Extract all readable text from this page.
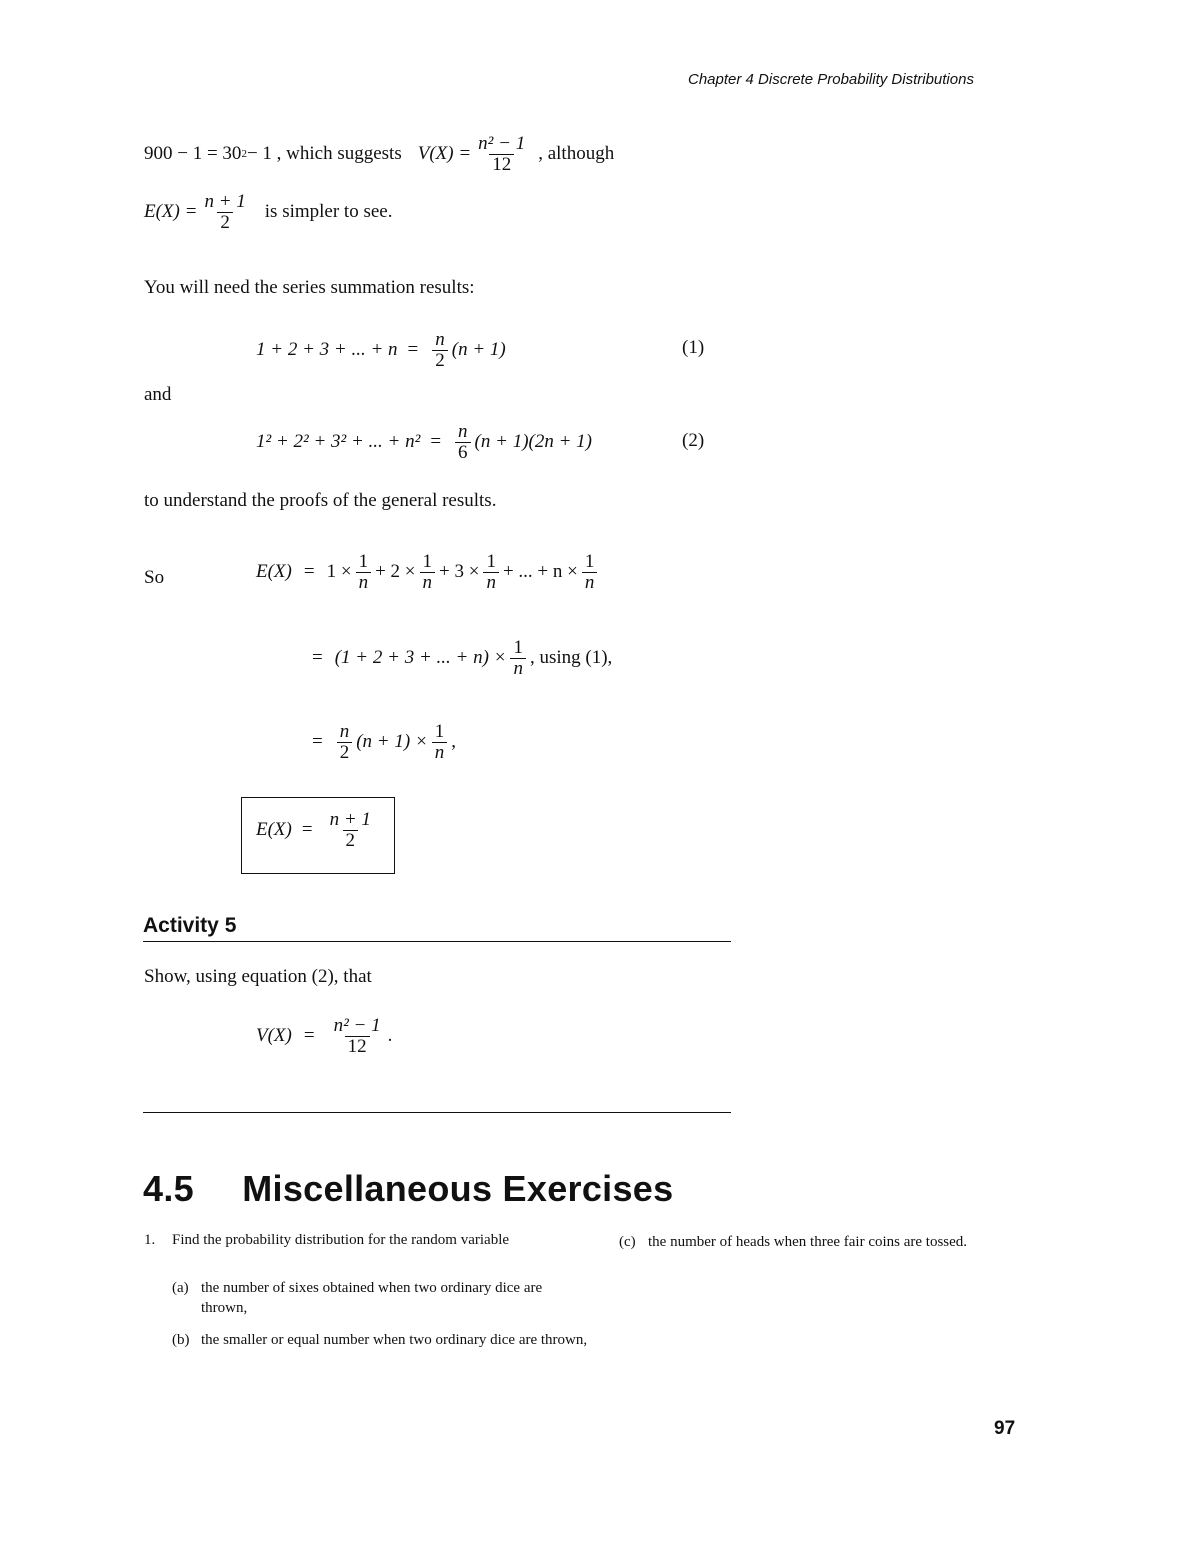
Chapter 4 Discrete Probability Distributions
900 − 1 = 30 2 − 1 , which suggests $V(X) = \frac{\text{n² − 1}}{12}$ , although
$E(X) = \frac{n + 1}{2}$ is simpler to see.
You will need the series summation results:
1 + 2 + 3 + ... + $n = \frac{n}{2} (n + 1)$	(1)
and
1² + 2² + 3² + ... + $n^2 = \frac{n}{6} (n + 1)(2n + 1)$	(2)
to understand the proofs of the general results.
So	$E(X) = 1 \times \frac{1}{n} + 2 \times \frac{1}{n} + 3 \times \frac{1}{n}$ + ... + $n \times \frac{1}{n}$
= (1 + 2 + 3 + ... + $n) \times \frac{1}{n}$ , using (1),
= $\frac{n}{2} (n + 1) \times \frac{1}{n}$ ,
$E(X) = \frac{n + 1}{2}$
Activity 5
Show, using equation (2), that
$V(X) = \frac{\text{n² − 1}}{12}$ .
4.5 Miscellaneous Exercises
1.	Find the probability distribution for the random variable
(a) the number of sixes obtained when two ordinary dice are thrown,
(b) the smaller or equal number when two ordinary dice are thrown,
(c) the number of heads when three fair coins are tossed.
97
